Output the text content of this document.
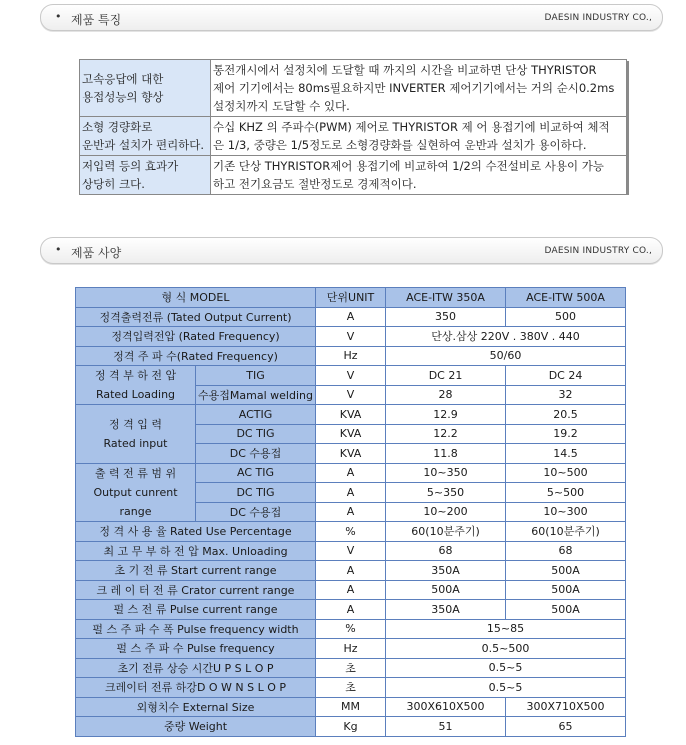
• 제품 특징	DAESIN INDUSTRY CO.,
고속응답에 대한
용접성능의 향상	통전개시에서 설정치에 도달할 때 까지의 시간을 비교하면 단상 THYRISTOR
제어 기기에서는 80ms필요하지만 INVERTER 제어기기에서는 거의 순시0.2ms
설정치까지 도달할 수 있다.
소형 경량화로
운반과 설치가 편리하다.	수십 KHZ 의 주파수(PWM) 제어로 THYRISTOR 제 어 용접기에 비교하여 체적
은 1/3, 중량은 1/5정도로 소형경량화를 실현하여 운반과 설치가 용이하다.
저입력 등의 효과가
상당히 크다.	기존 단상 THYRISTOR제어 용접기에 비교하여 1/2의 수전설비로 사용이 가능
하고 전기요금도 절반정도로 경제적이다.
• 제품 사양	DAESIN INDUSTRY CO.,
형 식 MODEL		단위UNIT	ACE-ITW 350A	ACE-ITW 500A
정격출력전류 (Tated Output Current)		A	350	500
정격입력전압 (Rated Frequency)		V	단상.삼상 220V . 380V . 440	
정격 주 파 수(Rated Frequency)		Hz	50/60	
정 격 부 하 전 압
Rated Loading	TIG	V	DC 21	DC 24
	수용접Mamal welding	V	28	32
정 격 입 력
Rated input	ACTIG	KVA	12.9	20.5
	DC TIG	KVA	12.2	19.2
	DC 수용접	KVA	11.8	14.5
출 력 전 류 범 위
Output cunrent range	AC TIG	A	10~350	10~500
	DC TIG	A	5~350	5~500
	DC 수용접	A	10~200	10~300
정 격 사 용 율 Rated Use Percentage		%	60(10분주기)	60(10분주기)
최 고 무 부 하 전 압 Max. Unloading		V	68	68
초 기 전 류 Start current range		A	350A	500A
크 레 이 터 전 류 Crator current range		A	500A	500A
펄 스 전 류 Pulse current range		A	350A	500A
펄 스 주 파 수 폭 Pulse frequency width		%	15~85	
펄 스 주 파 수 Pulse frequency		Hz	0.5~500	
초기 전류 상승 시간U P S L O P		초	0.5~5	
크레이터 전류 하강D O W N S L O P		초	0.5~5	
외형치수 External Size		MM	300X610X500	300X710X500
중량 Weight		Kg	51	65
